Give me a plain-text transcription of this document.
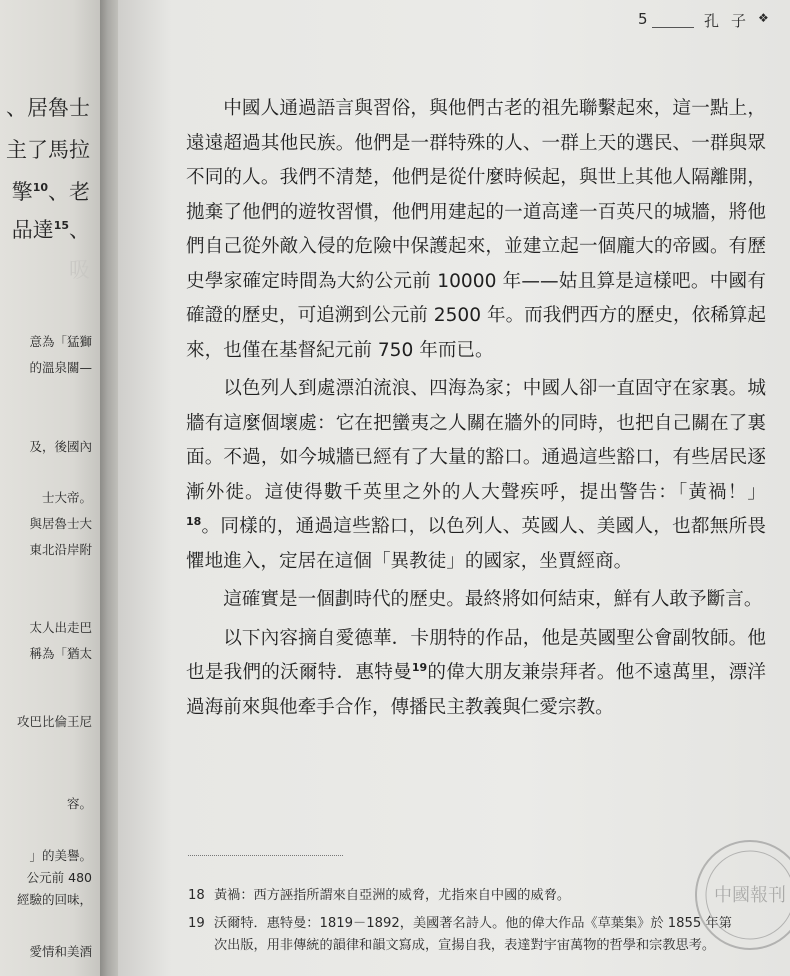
、居魯士
主了馬拉
擎$^{10}$、老
品達$^{15}$、
吸
意為「猛獅
的溫泉關—
及，後國內
士大帝。
與居魯士大
東北沿岸附
太人出走巴
稱為「猶太
攻巴比倫王尼
容。
」的美譽。
公元前 480
經驗的回味，
愛情和美酒
5	孔子 ❖

中國人通過語言與習俗，與他們古老的祖先聯繫起來，這一點上，遠遠超過其他民族。他們是一群特殊的人、一群上天的選民、一群與眾不同的人。我們不清楚，他們是從什麼時候起，與世上其他人隔離開，拋棄了他們的遊牧習慣，他們用建起的一道高達一百英尺的城牆，將他們自己從外敵入侵的危險中保護起來，並建立起一個龐大的帝國。有歷史學家確定時間為大約公元前 10000 年——姑且算是這樣吧。中國有確證的歷史，可追溯到公元前 2500 年。而我們西方的歷史，依稀算起來，也僅在基督紀元前 750 年而已。

以色列人到處漂泊流浪、四海為家；中國人卻一直固守在家裏。城牆有這麼個壞處：它在把蠻夷之人關在牆外的同時，也把自己關在了裏面。不過，如今城牆已經有了大量的豁口。通過這些豁口，有些居民逐漸外徙。這使得數千英里之外的人大聲疾呼，提出警告：「黃禍！」$^{18}$。同樣的，通過這些豁口，以色列人、英國人、美國人，也都無所畏懼地進入，定居在這個「異教徒」的國家，坐賈經商。

這確實是一個劃時代的歷史。最終將如何結束，鮮有人敢予斷言。

以下內容摘自愛德華．卡朋特的作品，他是英國聖公會副牧師。他也是我們的沃爾特．惠特曼$^{19}$的偉大朋友兼崇拜者。他不遠萬里，漂洋過海前來與他牽手合作，傳播民主教義與仁愛宗教。

18 黃禍：西方誣指所謂來自亞洲的威脅，尤指來自中國的威脅。
19 沃爾特．惠特曼：1819－1892，美國著名詩人。他的偉大作品《草葉集》於 1855 年第
次出版，用非傳統的韻律和韻文寫成，宣揚自我，表達對宇宙萬物的哲學和宗教思考。
中國報刊
